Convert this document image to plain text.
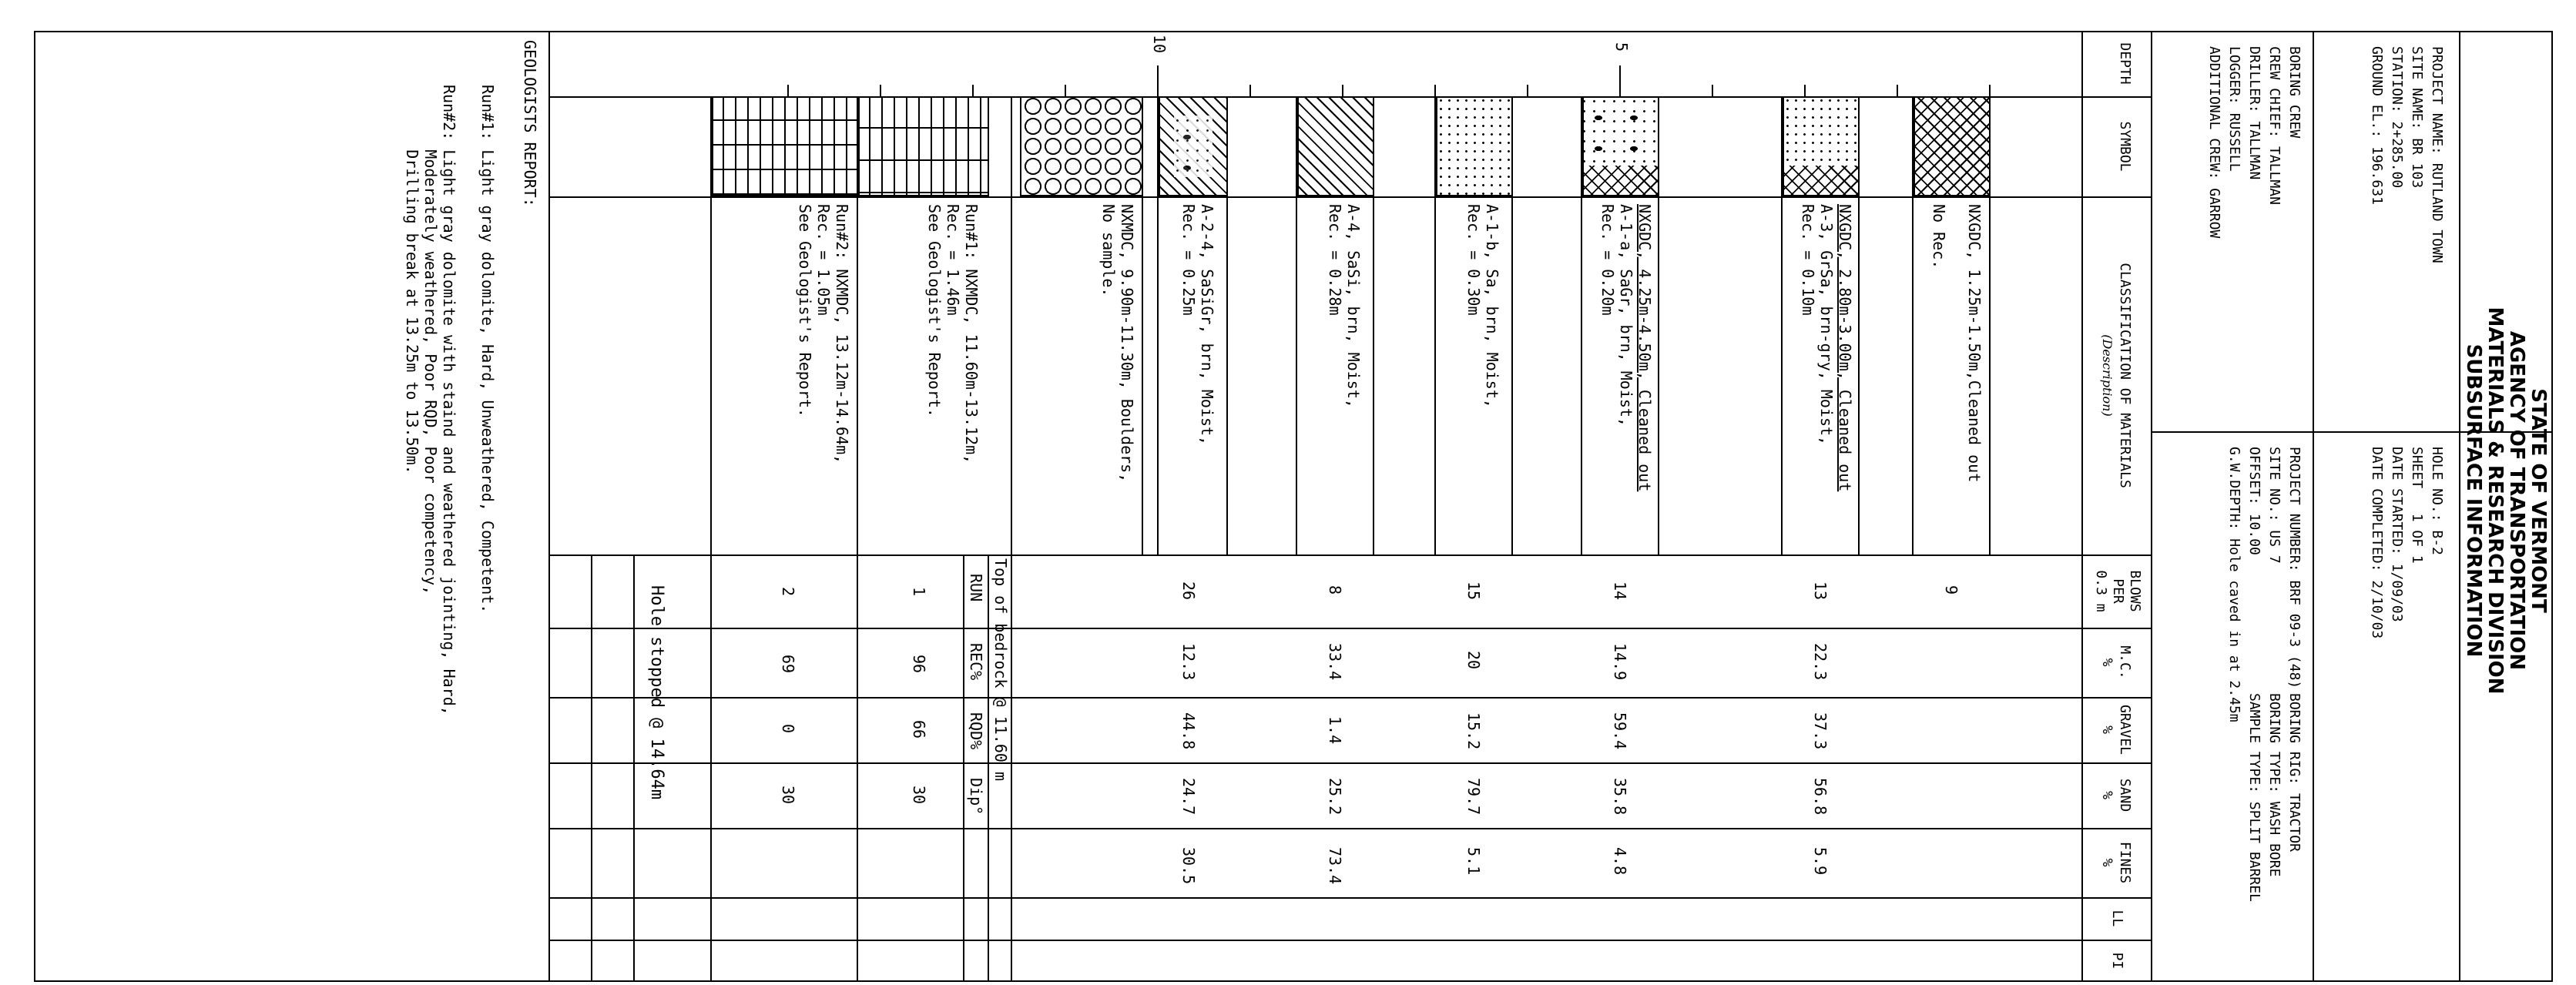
STATE OF VERMONT
AGENCY OF TRANSPORTATION
MATERIALS & RESEARCH DIVISION
SUBSURFACE INFORMATION
PROJECT NAME: RUTLAND TOWN
SITE NAME: BR 103
STATION: 2+285.00
GROUND EL.: 196.631
BORING CREW
CREW CHIEF: TALLMAN
DRILLER: TALLMAN
LOGGER: RUSSELL
ADDITIONAL CREW: GARROW
HOLE NO.: B-2
SHEET   1 OF 1
DATE STARTED: 1/09/03
DATE COMPLETED: 2/10/03
PROJECT NUMBER: BRF 09-3 (48)
SITE NO.: US 7
OFFSET: 10.00
G.W.DEPTH: Hole caved in at 2.45m
BORING RIG: TRACTOR
BORING TYPE: WASH BORE
SAMPLE TYPE: SPLIT BARREL
DEPTH
SYMBOL
CLASSIFICATION OF MATERIALS
(Description)
BLOWS
PER
0.3 m
M.C.
%
GRAVEL
%
SAND
%
FINES
%
LL
PI
5
10
NXGDC, 1.25m-1.50m,Cleaned out
No Rec.
9
NXGDC, 2.80m-3.00m, Cleaned out
A-3, GrSa, brn-gry, Moist,
Rec. = 0.10m
13
22.3
37.3
56.8
5.9
NXGDC, 4.25m-4.50m, Cleaned out
A-1-a, SaGr, brn, Moist,
Rec. = 0.20m
14
14.9
59.4
35.8
4.8
A-1-b, Sa, brn, Moist,
Rec. = 0.30m
15
20
15.2
79.7
5.1
A-4, SaSi, brn, Moist,
Rec. = 0.28m
8
33.4
1.4
25.2
73.4
A-2-4, SaSiGr, brn, Moist,
Rec. = 0.25m
26
12.3
44.8
24.7
30.5
NXMDC, 9.90m-11.30m, Boulders,
No sample.
Top of bedrock @ 11.60 m
RUN
REC%
RQD%
Dip°
Run#1: NXMDC, 11.60m-13.12m,
Rec. = 1.46m
See Geologist's Report.
1
96
66
30
Run#2: NXMDC, 13.12m-14.64m,
Rec. = 1.05m
See Geologist's Report.
2
69
0
30
Hole stopped @ 14.64m
GEOLOGISTS REPORT:
Run#1: Light gray dolomite, Hard, Unweathered, Competent.
Run#2: Light gray dolomite with staind and weathered jointing, Hard,
Moderately weathered, Poor RQD, Poor competency,
Drilling break at 13.25m to 13.50m.
